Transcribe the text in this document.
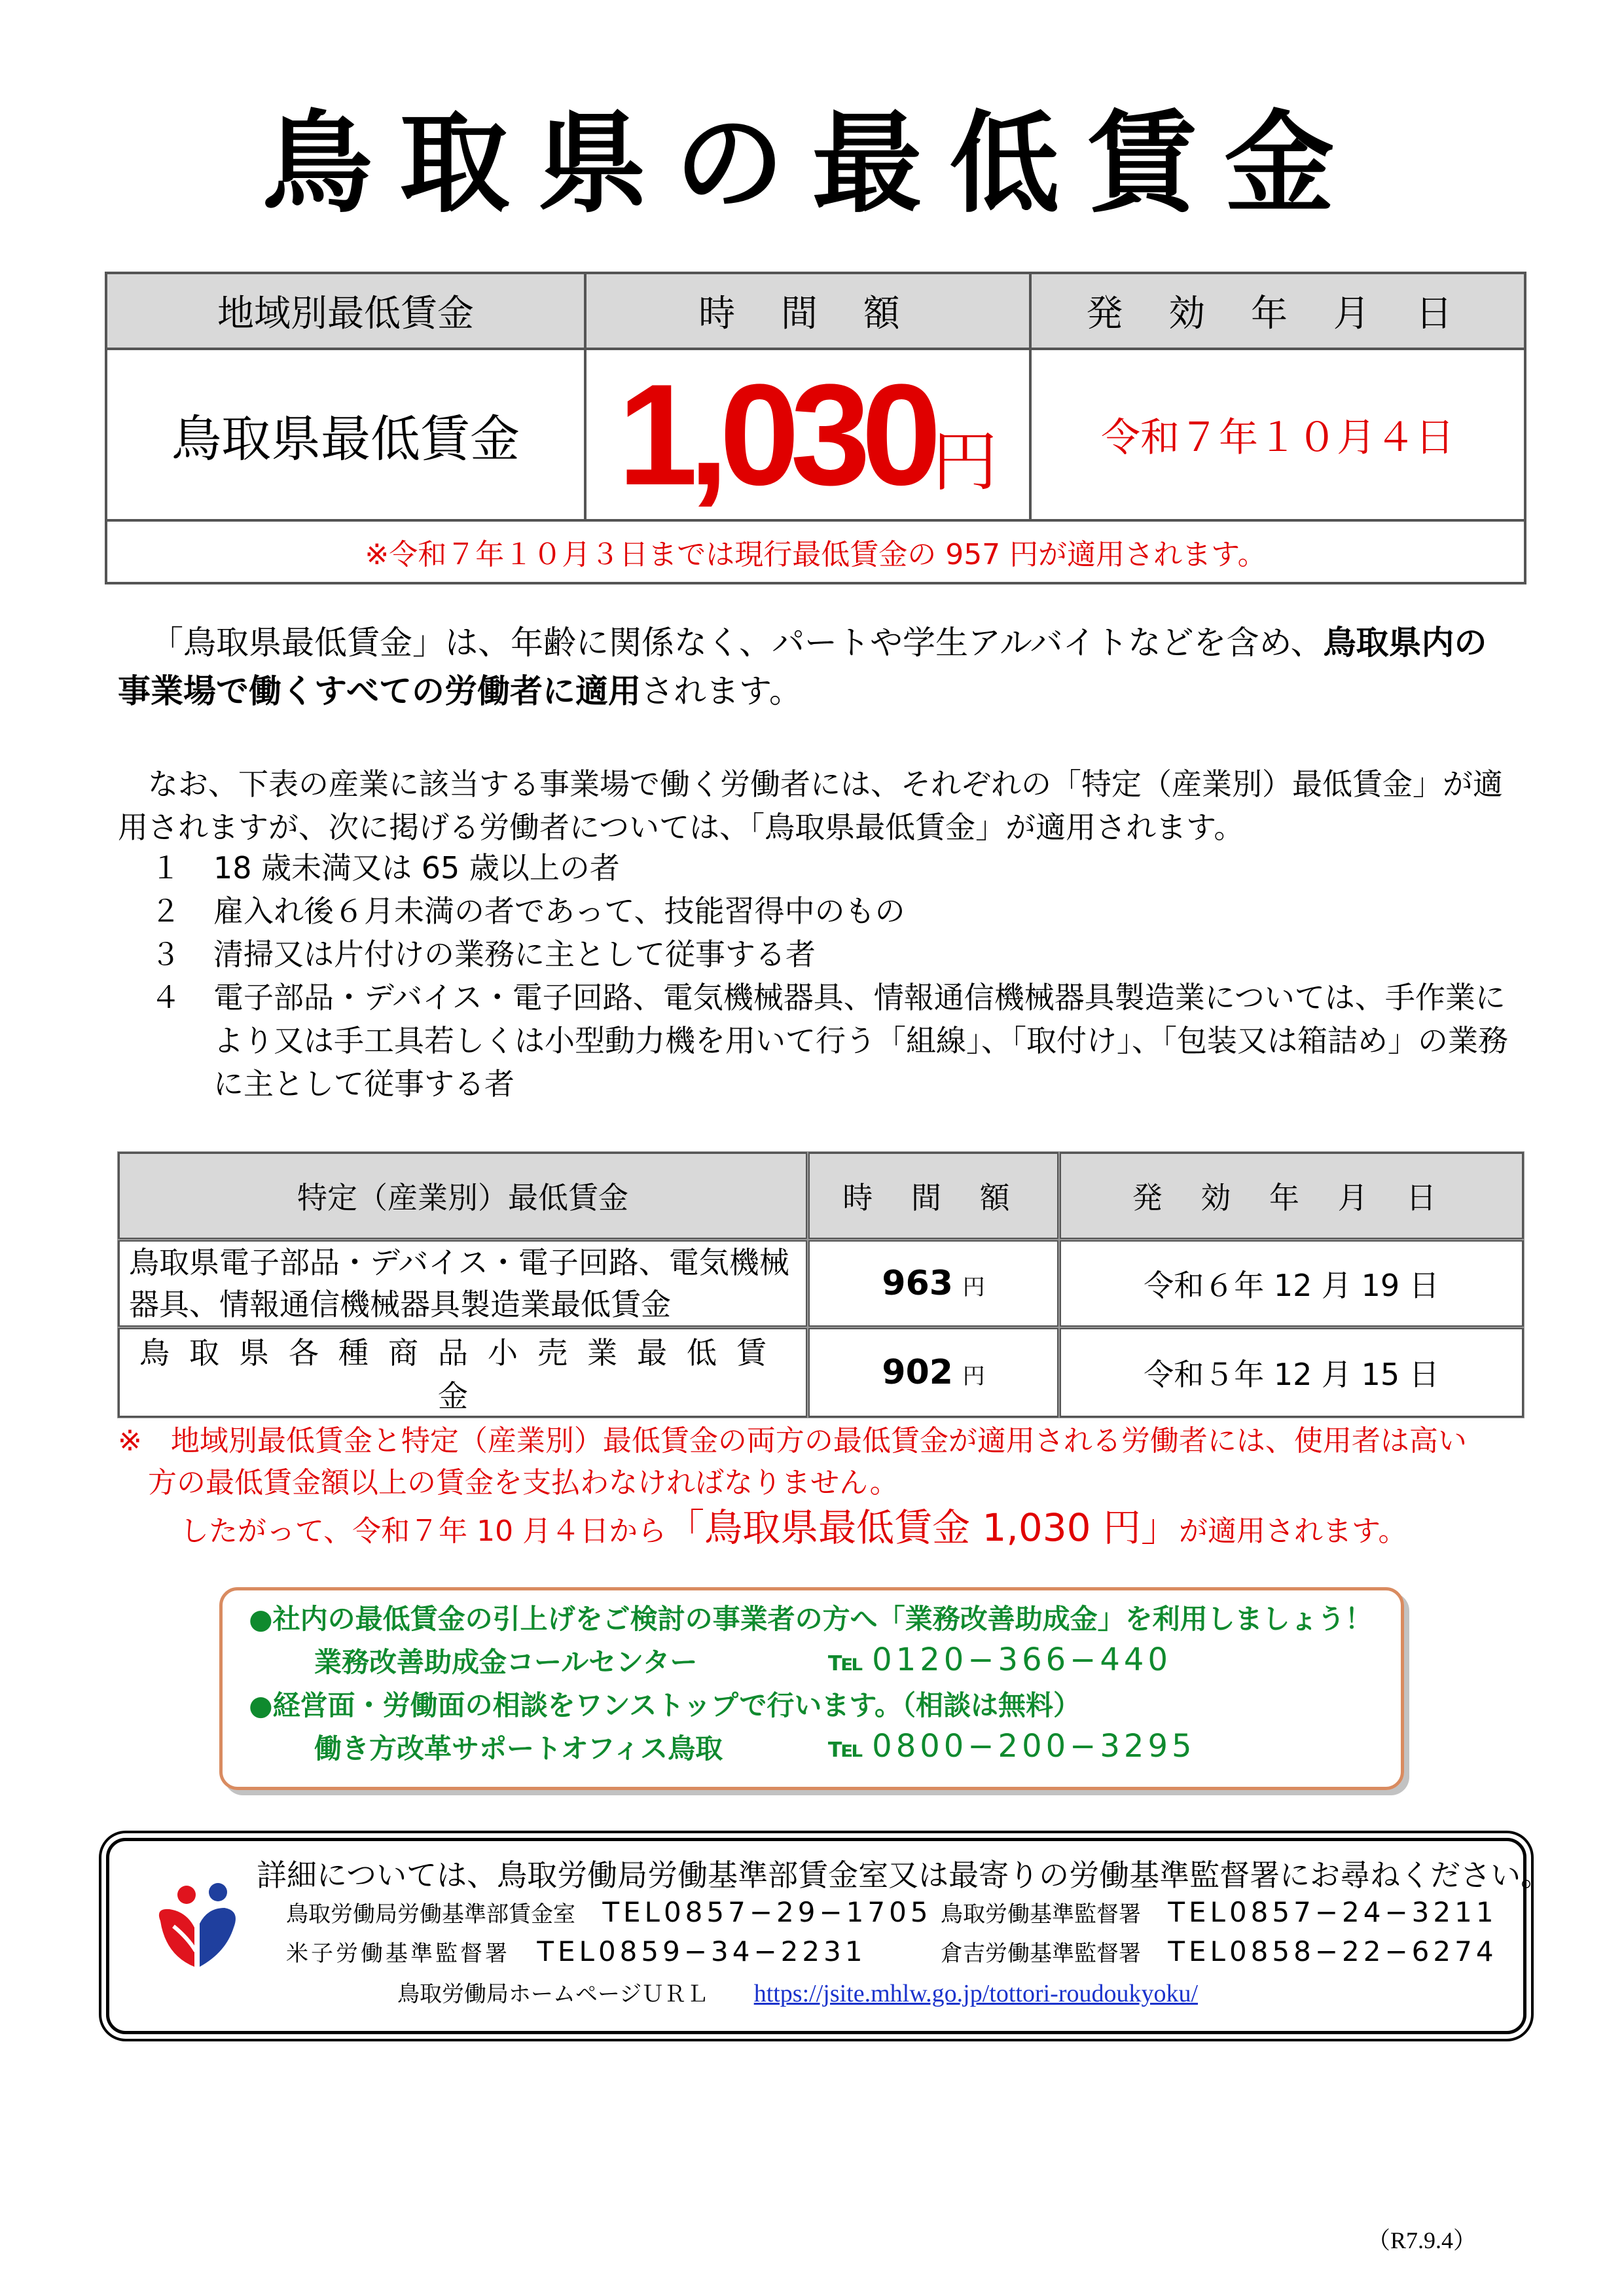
鳥取県の最低賃金
地域別最低賃金	時 間 額	発 効 年 月 日
鳥取県最低賃金	1,030円	令和７年１０月４日
※令和７年１０月３日までは現行最低賃金の 957 円が適用されます。		
「鳥取県最低賃金」は、年齢に関係なく、パートや学生アルバイトなどを含め、鳥取県内の事業場で働くすべての労働者に適用されます。
なお、下表の産業に該当する事業場で働く労働者には、それぞれの「特定（産業別）最低賃金」が適用されますが、次に掲げる労働者については、「鳥取県最低賃金」が適用されます。
１	18 歳未満又は 65 歳以上の者
２	雇入れ後６月未満の者であって、技能習得中のもの
３	清掃又は片付けの業務に主として従事する者
４	電子部品・デバイス・電子回路、電気機械器具、情報通信機械器具製造業については、手作業により又は手工具若しくは小型動力機を用いて行う「組線」、「取付け」、「包装又は箱詰め」の業務に主として従事する者
特定（産業別）最低賃金	時 間 額	発 効 年 月 日
鳥取県電子部品・デバイス・電子回路、電気機械器具、情報通信機械器具製造業最低賃金	963 円	令和６年 12 月 19 日
鳥取県各種商品小売業最低賃金	902 円	令和５年 12 月 15 日
※　地域別最低賃金と特定（産業別）最低賃金の両方の最低賃金が適用される労働者には、使用者は高い
方の最低賃金額以上の賃金を支払わなければなりません。
したがって、令和７年 10 月４日から「鳥取県最低賃金 1,030 円」が適用されます。
●社内の最低賃金の引上げをご検討の事業者の方へ「業務改善助成金」を利用しましょう！
業務改善助成金コールセンター	℡ 0120−366−440
●経営面・労働面の相談をワンストップで行います。（相談は無料）
働き方改革サポートオフィス鳥取	℡ 0800−200−3295
詳細については、鳥取労働局労働基準部賃金室又は最寄りの労働基準監督署にお尋ねください。
鳥取労働局労働基準部賃金室 TEL0857−29−1705 鳥取労働基準監督署 TEL0857−24−3211
米子労働基準監督署 TEL0859−34−2231	倉吉労働基準監督署 TEL0858−22−6274
鳥取労働局ホームページＵＲＬ https://jsite.mhlw.go.jp/tottori-roudoukyoku/
（R7.9.4）
